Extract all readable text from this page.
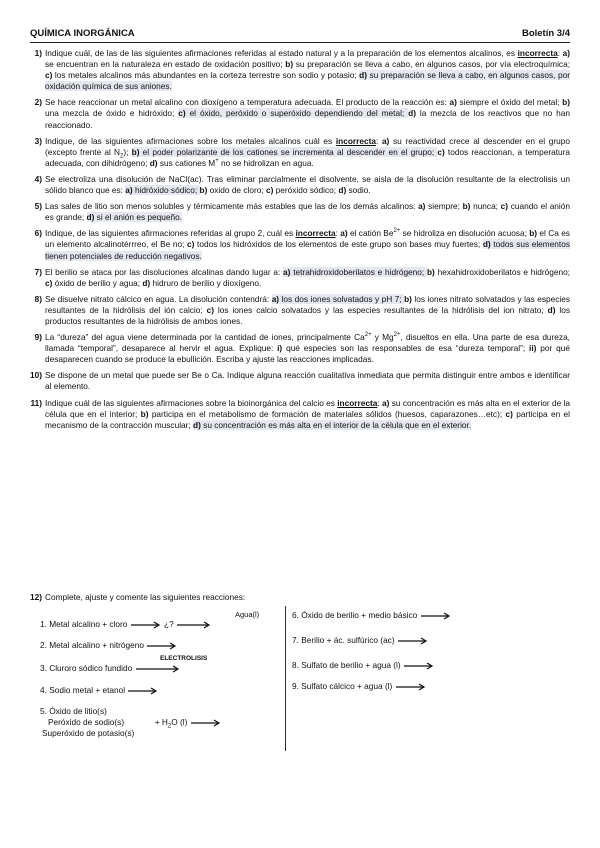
QUÍMICA INORGÁNICA	Boletín 3/4
1) Indique cuál, de las de las siguientes afirmaciones referidas al estado natural y a la preparación de los elementos alcalinos, es incorrecta: a) se encuentran en la naturaleza en estado de oxidación positivo; b) su preparación se lleva a cabo, en algunos casos, por vía electroquímica; c) los metales alcalinos más abundantes en la corteza terrestre son sodio y potasio; d) su preparación se lleva a cabo, en algunos casos, por oxidación química de sus aniones.
2) Se hace reaccionar un metal alcalino con dioxígeno a temperatura adecuada. El producto de la reacción es: a) siempre el óxido del metal; b) una mezcla de óxido e hidróxido; c) el óxido, peróxido o superóxido dependiendo del metal; d) la mezcla de los reactivos que no han reaccionado.
3) Indique, de las siguientes afirmaciones sobre los metales alcalinos cuál es incorrecta: a) su reactividad crece al descender en el grupo (excepto frente al $N_2$); b) el poder polarizante de los cationes se incrementa al descender en el grupo; c) todos reaccionan, a temperatura adecuada, con dihidrógeno; d) sus cationes M+ no se hidrolizan en agua.
4) Se electroliza una disolución de NaCl(ac). Tras eliminar parcialmente el disolvente, se aisla de la disolución resultante de la electrolisis un sólido blanco que es: a) hidróxido sódico; b) oxido de cloro; c) peróxido sódico; d) sodio.
5) Las sales de litio son menos solubles y térmicamente más estables que las de los demás alcalinos: a) siempre; b) nunca; c) cuando el anión es grande; d) si el anión es pequeño.
6) Indique, de las siguientes afirmaciones referidas al grupo 2, cuál es incorrecta: a) el catión $Be^{2+}$ se hidroliza en disolución acuosa; b) el Ca es un elemento alcalinotérrreo, el Be no; c) todos los hidróxidos de los elementos de este grupo son bases muy fuertes; d) todos sus elementos tienen potenciales de reducción negativos.
7) El berilio se ataca por las disoluciones alcalinas dando lugar a: a) tetrahidroxidoberilatos e hidrógeno; b) hexahidroxidoberilatos e hidrógeno; c) óxido de berilio y agua; d) hidruro de berilio y dioxígeno.
8) Se disuelve nitrato cálcico en agua. La disolución contendrá: a) los dos iones solvatados y pH 7; b) los iones nitrato solvatados y las especies resultantes de la hidrólisis del ión calcio; c) los iones calcio solvatados y las especies resultantes de la hidrólisis del ion nitrato; d) los productos resultantes de la hidrólisis de ambos iones.
9) La “dureza” del agua viene determinada por la cantidad de iones, principalmente $Ca^{2+}$ y $Mg^{2+}$, disueltos en ella. Una parte de esa dureza, llamada “temporal”, desaparece al hervir el agua. Explique: i) qué especies son las responsables de esa “dureza temporal”; ii) por qué desaparecen cuando se produce la ebullición. Escriba y ajuste las reacciones implicadas.
10) Se dispone de un metal que puede ser Be o Ca. Indique alguna reacción cualitativa inmediata que permita distinguir entre ambos e identificar al elemento.
11) Indique cuál de las siguientes afirmaciones sobre la bioinorgánica del calcio es incorrecta: a) su concentración es más alta en el exterior de la célula que en el interior; b) participa en el metabolismo de formación de materiales sólidos (huesos, caparazones…etc); c) participa en el mecanismo de la contracción muscular; d) su concentración es más alta en el interior de la célula que en el exterior.
12) Complete, ajuste y comente las siguientes reacciones:
1. Metal alcalino + cloro → ¿?
Agua(l)
2. Metal alcalino + nitrógeno →
ELECTROLISIS
3. Cluroro sódico fundido
4. Sodio metal + etanol →
5. Óxido de litio(s)
Peróxido de sodio(s)	+ $H_2O$ (l) →
Superóxido de potasio(s)
6. Óxido de berilio + medio básico →
7. Berilio + ác. sulfúrico (ac) →
8. Sulfato de berilio + agua (l) →
9. Sulfato cálcico + agua (l) →
